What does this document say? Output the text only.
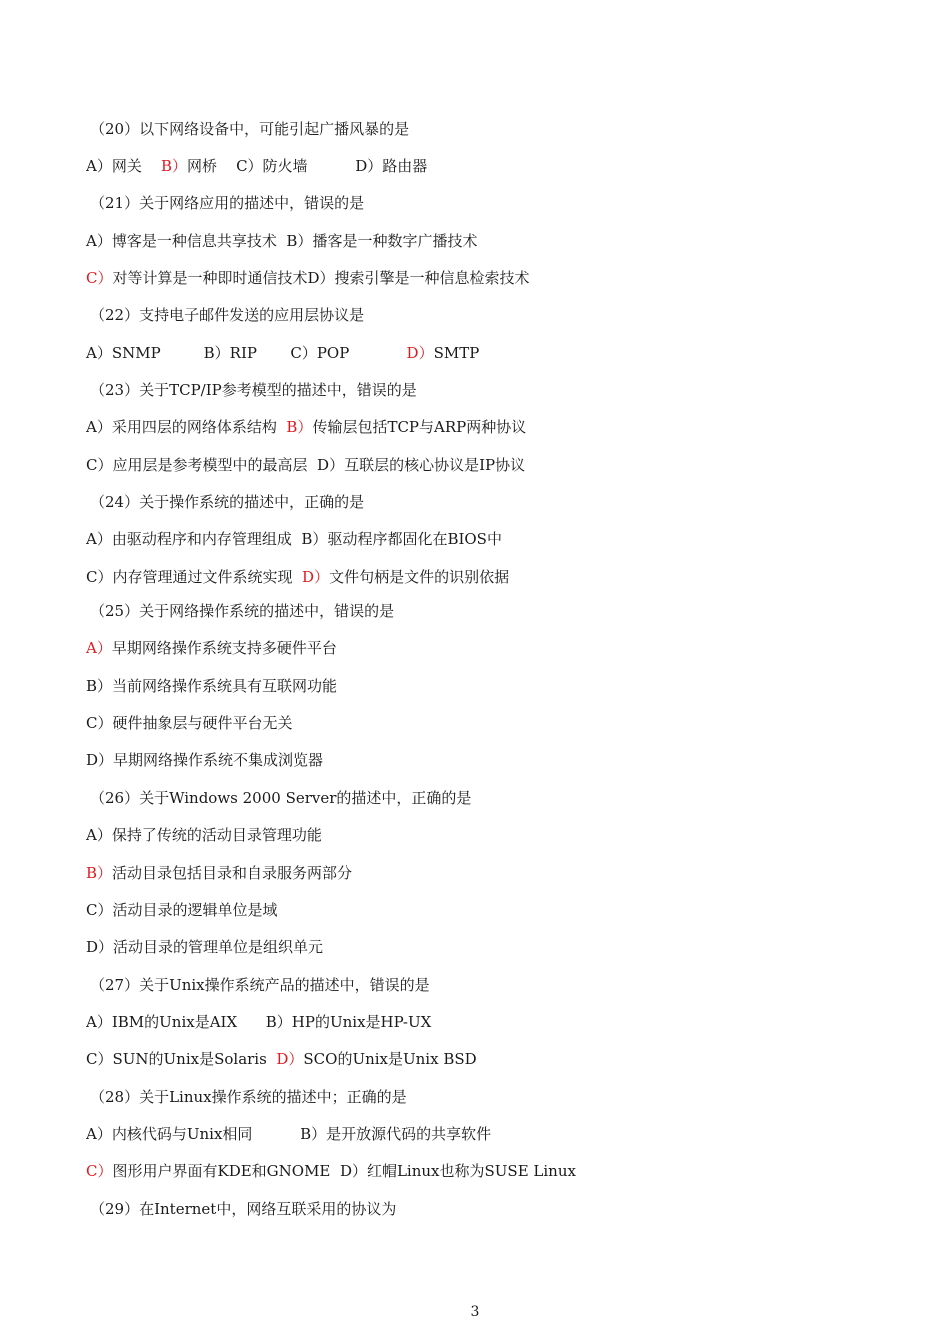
（20）以下网络设备中，可能引起广播风暴的是
A）网关 B）网桥 C）防火墙	D）路由器
（21）关于网络应用的描述中，错误的是
A）博客是一种信息共享技术 B）播客是一种数字广播技术
C）对等计算是一种即时通信技术D）搜索引擎是一种信息检索技术
（22）支持电子邮件发送的应用层协议是
A）SNMP	B）RIP C）POP	D）SMTP
（23）关于TCP/IP参考模型的描述中，错误的是
A）采用四层的网络体系结构 B）传输层包括TCP与ARP两种协议
C）应用层是参考模型中的最高层 D）互联层的核心协议是IP协议
（24）关于操作系统的描述中，正确的是
A）由驱动程序和内存管理组成 B）驱动程序都固化在BIOS中
C）内存管理通过文件系统实现 D）文件句柄是文件的识别依据
（25）关于网络操作系统的描述中，错误的是
A）早期网络操作系统支持多硬件平台
B）当前网络操作系统具有互联网功能
C）硬件抽象层与硬件平台无关
D）早期网络操作系统不集成浏览器
（26）关于Windows 2000 Server的描述中，正确的是
A）保持了传统的活动目录管理功能
B）活动目录包括目录和自录服务两部分
C）活动目录的逻辑单位是域
D）活动目录的管理单位是组织单元
（27）关于Unix操作系统产品的描述中，错误的是
A）IBM的Unix是AIX B）HP的Unix是HP-UX
C）SUN的Unix是Solaris D）SCO的Unix是Unix BSD
（28）关于Linux操作系统的描述中；正确的是
A）内核代码与Unix相同	B）是开放源代码的共享软件
C）图形用户界面有KDE和GNOME D）红帽Linux也称为SUSE Linux
（29）在Internet中，网络互联采用的协议为
3
